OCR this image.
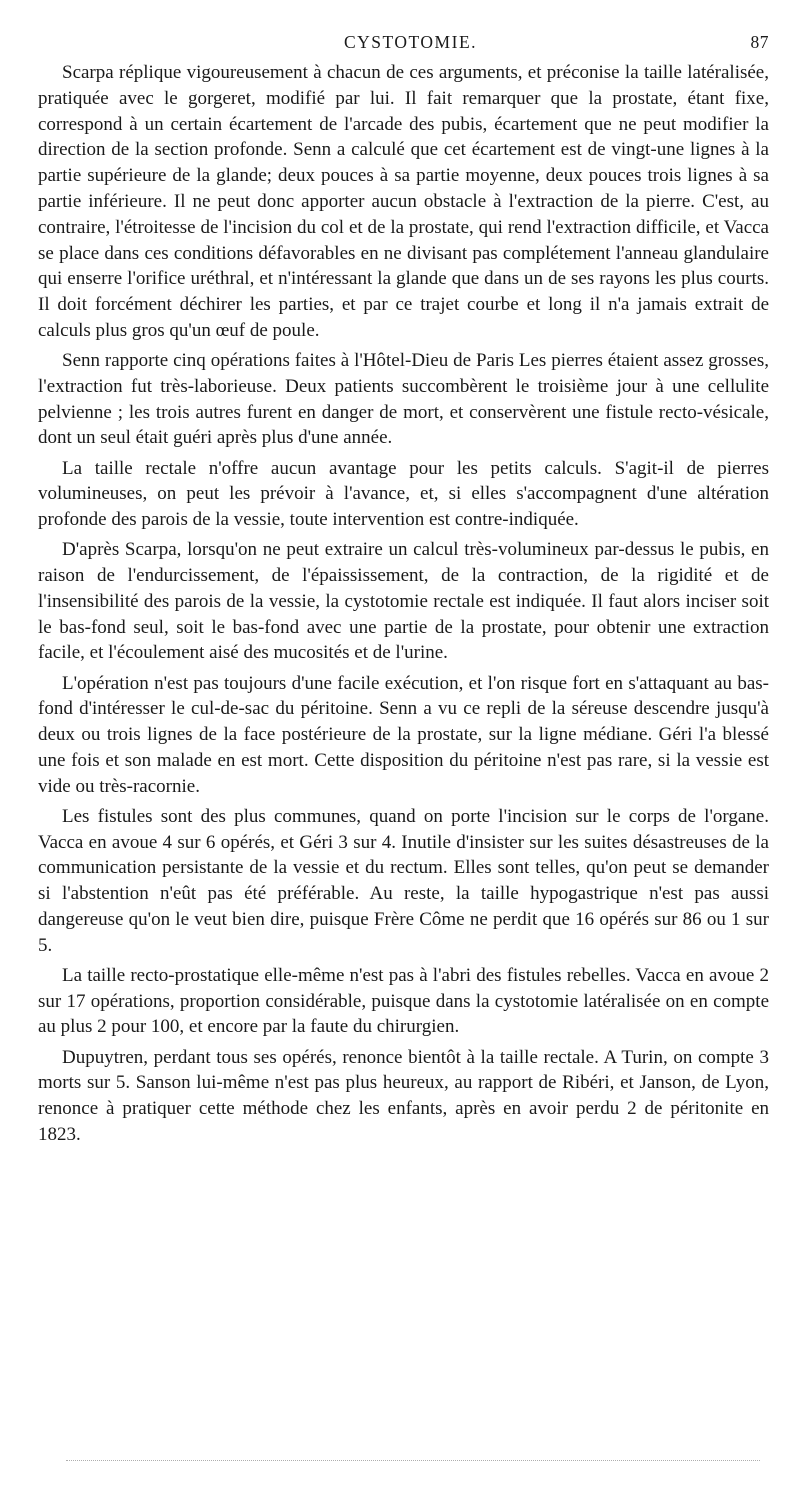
CYSTOTOMIE.	87

Scarpa réplique vigoureusement à chacun de ces arguments, et préconise la taille latéralisée, pratiquée avec le gorgeret, modifié par lui. Il fait remarquer que la prostate, étant fixe, correspond à un certain écartement de l'arcade des pubis, écartement que ne peut modifier la direction de la section profonde. Senn a calculé que cet écartement est de vingt-une lignes à la partie supérieure de la glande; deux pouces à sa partie moyenne, deux pouces trois lignes à sa partie inférieure. Il ne peut donc apporter aucun obstacle à l'extraction de la pierre. C'est, au contraire, l'étroitesse de l'incision du col et de la prostate, qui rend l'extraction difficile, et Vacca se place dans ces conditions défavorables en ne divisant pas complétement l'anneau glandulaire qui enserre l'orifice uréthral, et n'intéressant la glande que dans un de ses rayons les plus courts. Il doit forcément déchirer les parties, et par ce trajet courbe et long il n'a jamais extrait de calculs plus gros qu'un œuf de poule.

Senn rapporte cinq opérations faites à l'Hôtel-Dieu de Paris Les pierres étaient assez grosses, l'extraction fut très-laborieuse. Deux patients succombèrent le troisième jour à une cellulite pelvienne ; les trois autres furent en danger de mort, et conservèrent une fistule recto-vésicale, dont un seul était guéri après plus d'une année.

La taille rectale n'offre aucun avantage pour les petits calculs. S'agit-il de pierres volumineuses, on peut les prévoir à l'avance, et, si elles s'accompagnent d'une altération profonde des parois de la vessie, toute intervention est contre-indiquée.

D'après Scarpa, lorsqu'on ne peut extraire un calcul très-volumineux par-dessus le pubis, en raison de l'endurcissement, de l'épaississement, de la contraction, de la rigidité et de l'insensibilité des parois de la vessie, la cystotomie rectale est indiquée. Il faut alors inciser soit le bas-fond seul, soit le bas-fond avec une partie de la prostate, pour obtenir une extraction facile, et l'écoulement aisé des mucosités et de l'urine.

L'opération n'est pas toujours d'une facile exécution, et l'on risque fort en s'attaquant au bas-fond d'intéresser le cul-de-sac du péritoine. Senn a vu ce repli de la séreuse descendre jusqu'à deux ou trois lignes de la face postérieure de la prostate, sur la ligne médiane. Géri l'a blessé une fois et son malade en est mort. Cette disposition du péritoine n'est pas rare, si la vessie est vide ou très-racornie.

Les fistules sont des plus communes, quand on porte l'incision sur le corps de l'organe. Vacca en avoue 4 sur 6 opérés, et Géri 3 sur 4. Inutile d'insister sur les suites désastreuses de la communication persistante de la vessie et du rectum. Elles sont telles, qu'on peut se demander si l'abstention n'eût pas été préférable. Au reste, la taille hypogastrique n'est pas aussi dangereuse qu'on le veut bien dire, puisque Frère Côme ne perdit que 16 opérés sur 86 ou 1 sur 5.

La taille recto-prostatique elle-même n'est pas à l'abri des fistules rebelles. Vacca en avoue 2 sur 17 opérations, proportion considérable, puisque dans la cystotomie latéralisée on en compte au plus 2 pour 100, et encore par la faute du chirurgien.

Dupuytren, perdant tous ses opérés, renonce bientôt à la taille rectale. A Turin, on compte 3 morts sur 5. Sanson lui-même n'est pas plus heureux, au rapport de Ribéri, et Janson, de Lyon, renonce à pratiquer cette méthode chez les enfants, après en avoir perdu 2 de péritonite en 1823.
